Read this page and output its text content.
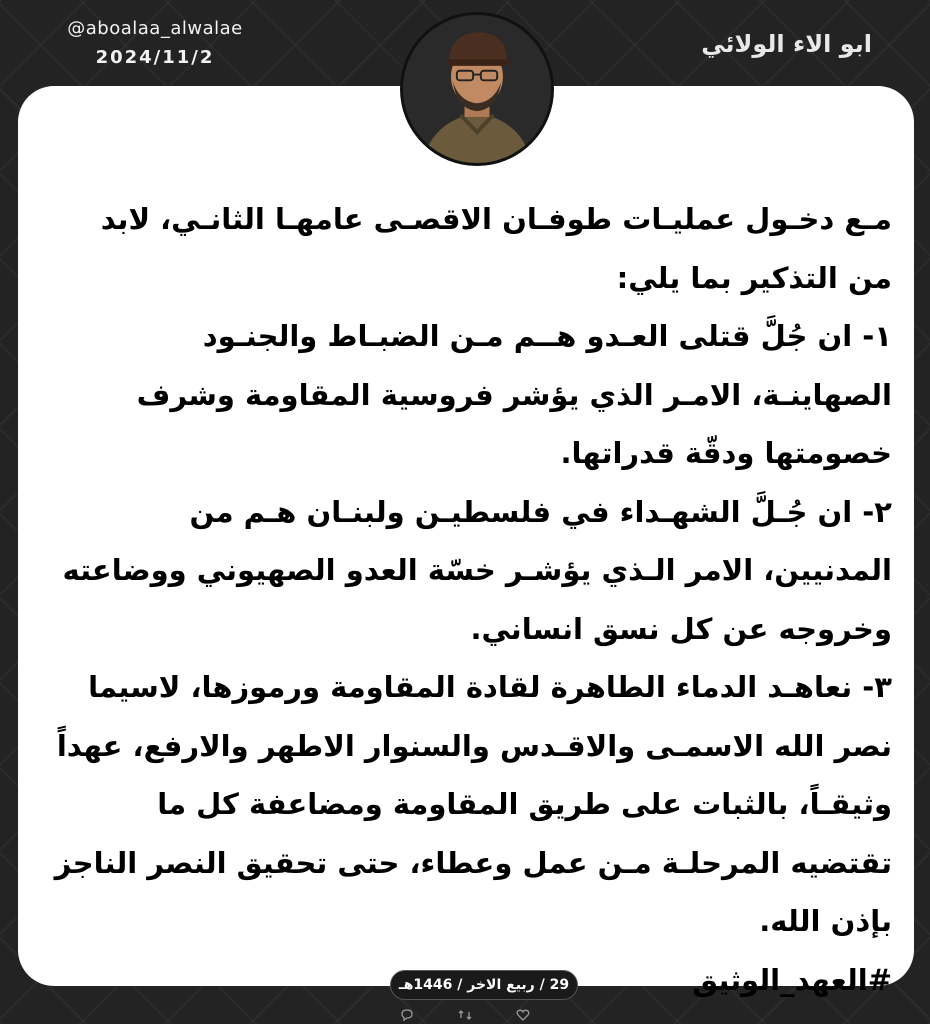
@aboalaa_alwalae
2024/11/2	ابو الاء الولائي

مـع دخـول عمليـات طوفـان الاقصـى عامهـا الثانـي، لابد من التذكير بما يلي:

١- ان جُلَّ قتلى العـدو هــم مـن الضبـاط والجنـود الصهاينـة، الامـر الذي يؤشر فروسية المقاومة وشرف خصومتها ودقّة قدراتها.

٢- ان جُـلَّ الشهـداء في فلسطيـن ولبنـان هـم من المدنيين، الامر الـذي يؤشـر خسّة العدو الصهيوني ووضاعته وخروجه عن كل نسق انساني.

٣- نعاهـد الدماء الطاهرة لقادة المقاومة ورموزها، لاسيما نصر الله الاسمـى والاقـدس والسنوار الاطهر والارفع، عهداً وثيقـاً، بالثبات على طريق المقاومة ومضاعفة كل ما تقتضيه المرحلـة مـن عمل وعطاء، حتى تحقيق النصر الناجز بإذن الله.

#العهد_الوثيق

29 / ربيع الاخر / 1446هـ
